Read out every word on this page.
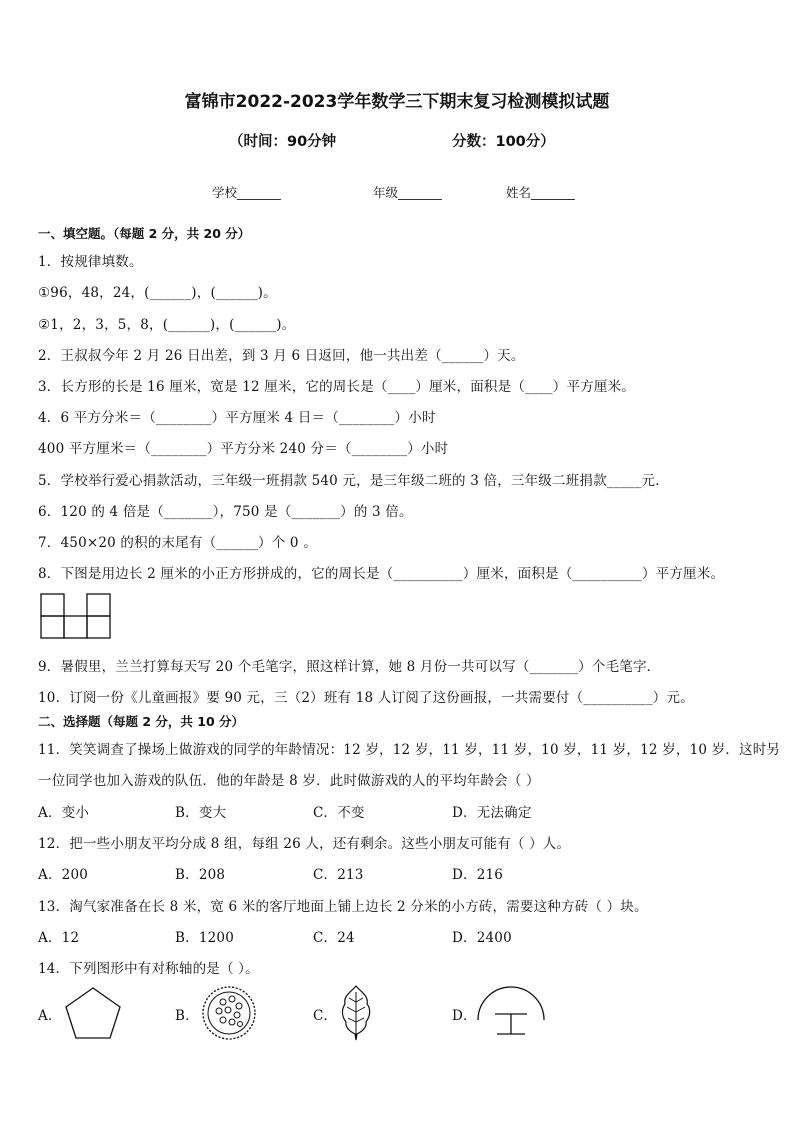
富锦市2022-2023学年数学三下期末复习检测模拟试题
（时间：90分钟	分数：100分）
学校_______	年级_______	姓名_______
一、填空题。（每题 2 分，共 20 分）
1．按规律填数。
①96，48，24，(______)，(______)。
②1，2，3，5，8，(______)，(______)。
2．王叔叔今年 2 月 26 日出差，到 3 月 6 日返回，他一共出差（______）天。
3．长方形的长是 16 厘米，宽是 12 厘米，它的周长是（____）厘米，面积是（____）平方厘米。
4．6 平方分米＝（________）平方厘米 4 日＝（________）小时
400 平方厘米＝（________）平方分米 240 分＝（________）小时
5．学校举行爱心捐款活动，三年级一班捐款 540 元，是三年级二班的 3 倍，三年级二班捐款_____元．
6．120 的 4 倍是（_______），750 是（_______）的 3 倍。
7．450×20 的积的末尾有（______）个 0 。
8．下图是用边长 2 厘米的小正方形拼成的，它的周长是（__________）厘米，面积是（__________）平方厘米。
9．暑假里，兰兰打算每天写 20 个毛笔字，照这样计算，她 8 月份一共可以写（_______）个毛笔字．
10．订阅一份《儿童画报》要 90 元，三（2）班有 18 人订阅了这份画报，一共需要付（__________）元。
二、选择题（每题 2 分，共 10 分）
11．笑笑调查了操场上做游戏的同学的年龄情况：12 岁，12 岁，11 岁，11 岁，10 岁，11 岁，12 岁，10 岁．这时另
一位同学也加入游戏的队伍．他的年龄是 8 岁．此时做游戏的人的平均年龄会（ ）
A．变小	B．变大	C．不变	D．无法确定
12．把一些小朋友平均分成 8 组，每组 26 人，还有剩余。这些小朋友可能有（ ）人。
A．200	B．208	C．213	D．216
13．淘气家准备在长 8 米，宽 6 米的客厅地面上铺上边长 2 分米的小方砖，需要这种方砖（ ）块。
A．12	B．1200	C．24	D．2400
14．下列图形中有对称轴的是（ ）。
A．	B．	C．	D．
